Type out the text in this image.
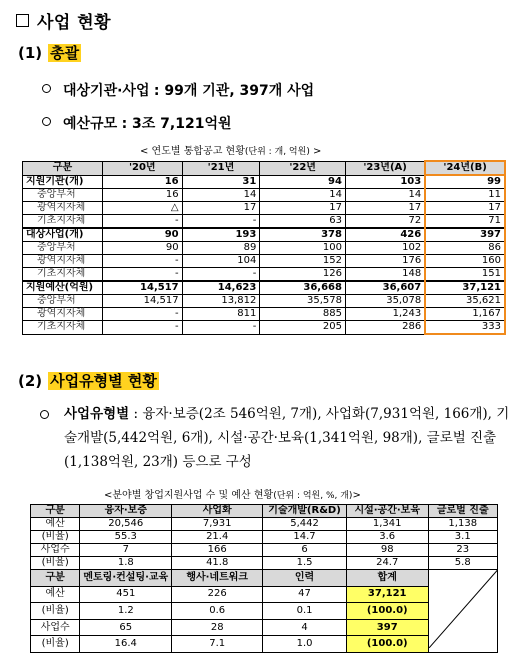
사업 현황
(1) 총괄
대상기관·사업 : 99개 기관, 397개 사업
예산규모 : 3조 7,121억원
< 연도별 통합공고 현황(단위 : 개, 억원) >
구분	'20년	'21년	'22년	'23년(A)	'24년(B)
지원기관(개)	16	31	94	103	99
중앙부처	16	14	14	14	11
광역지자체	△	17	17	17	17
기초지자체	-	-	63	72	71
대상사업(개)	90	193	378	426	397
중앙부처	90	89	100	102	86
광역지자체	-	104	152	176	160
기초지자체	-	-	126	148	151
지원예산(억원)	14,517	14,623	36,668	36,607	37,121
중앙부처	14,517	13,812	35,578	35,078	35,621
광역지자체	-	811	885	1,243	1,167
기초지자체	-	-	205	286	333
(2) 사업유형별 현황
사업유형별 : 융자·보증(2조 546억원, 7개), 사업화(7,931억원, 166개), 기술개발(5,442억원, 6개), 시설·공간·보육(1,341억원, 98개), 글로벌 진출(1,138억원, 23개) 등으로 구성
<분야별 창업지원사업 수 및 예산 현황(단위 : 억원, %, 개)>
구분	융자·보증	사업화	기술개발(R&D)	시설·공간·보육	글로벌 진출
예산	20,546	7,931	5,442	1,341	1,138
(비율)	55.3	21.4	14.7	3.6	3.1
사업수	7	166	6	98	23
(비율)	1.8	41.8	1.5	24.7	5.8
구분	멘토링·컨설팅·교육	행사·네트워크	인력	합계	
예산	451	226	47	37,121	
(비율)	1.2	0.6	0.1	(100.0)	
사업수	65	28	4	397	
(비율)	16.4	7.1	1.0	(100.0)	
